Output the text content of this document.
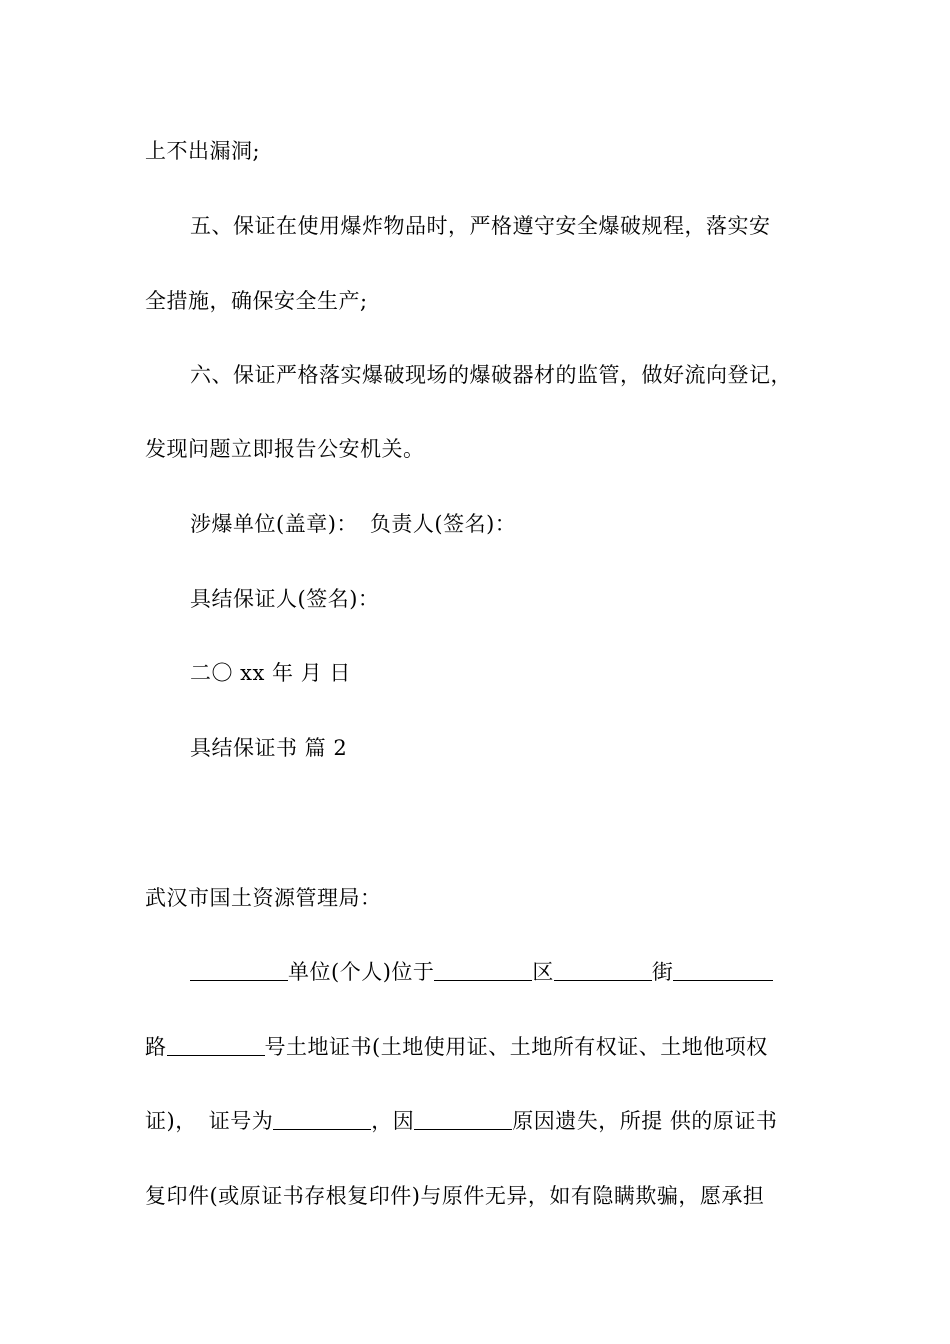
上不出漏洞;
五、保证在使用爆炸物品时，严格遵守安全爆破规程，落实安
全措施，确保安全生产;
六、保证严格落实爆破现场的爆破器材的监管，做好流向登记，
发现问题立即报告公安机关。
涉爆单位(盖章)： 负责人(签名)：
具结保证人(签名)：
二〇 xx 年 月 日
具结保证书 篇 2
武汉市国土资源管理局：
单位(个人)位于	区	街
路	号土地证书(土地使用证、土地所有权证、土地他项权
证)， 证号为	，因	原因遗失，所提 供的原证书
复印件(或原证书存根复印件)与原件无异，如有隐瞒欺骗，愿承担
